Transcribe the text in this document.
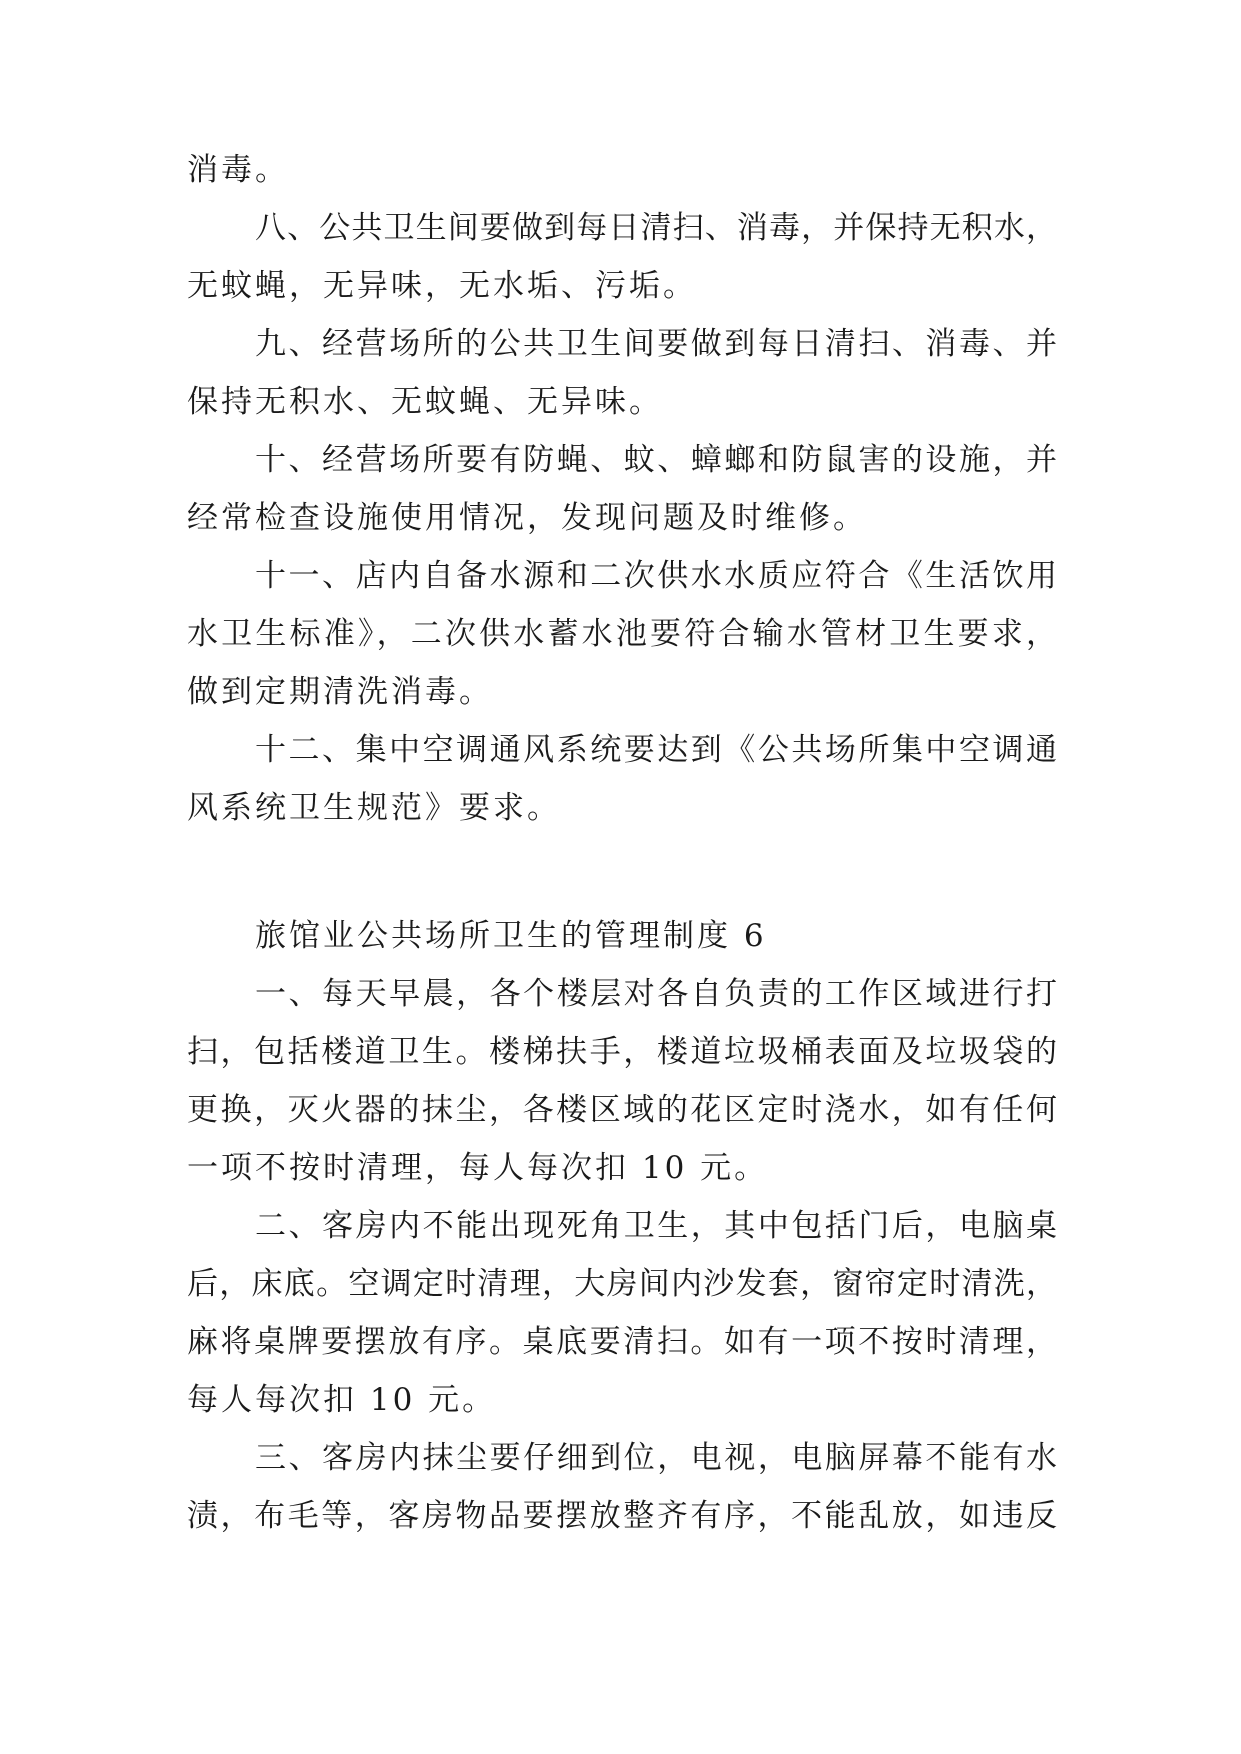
消毒。

八、公共卫生间要做到每日清扫、消毒，并保持无积水，

无蚊蝇，无异味，无水垢、污垢。

九、经营场所的公共卫生间要做到每日清扫、消毒、并

保持无积水、无蚊蝇、无异味。

十、经营场所要有防蝇、蚊、蟑螂和防鼠害的设施，并

经常检查设施使用情况，发现问题及时维修。

十一、店内自备水源和二次供水水质应符合《生活饮用

水卫生标准》，二次供水蓄水池要符合输水管材卫生要求，

做到定期清洗消毒。

十二、集中空调通风系统要达到《公共场所集中空调通

风系统卫生规范》要求。

旅馆业公共场所卫生的管理制度 6

一、每天早晨，各个楼层对各自负责的工作区域进行打

扫，包括楼道卫生。楼梯扶手，楼道垃圾桶表面及垃圾袋的

更换，灭火器的抹尘，各楼区域的花区定时浇水，如有任何

一项不按时清理，每人每次扣 10 元。

二、客房内不能出现死角卫生，其中包括门后，电脑桌

后，床底。空调定时清理，大房间内沙发套，窗帘定时清洗，

麻将桌牌要摆放有序。桌底要清扫。如有一项不按时清理，

每人每次扣 10 元。

三、客房内抹尘要仔细到位，电视，电脑屏幕不能有水

渍，布毛等，客房物品要摆放整齐有序，不能乱放，如违反
